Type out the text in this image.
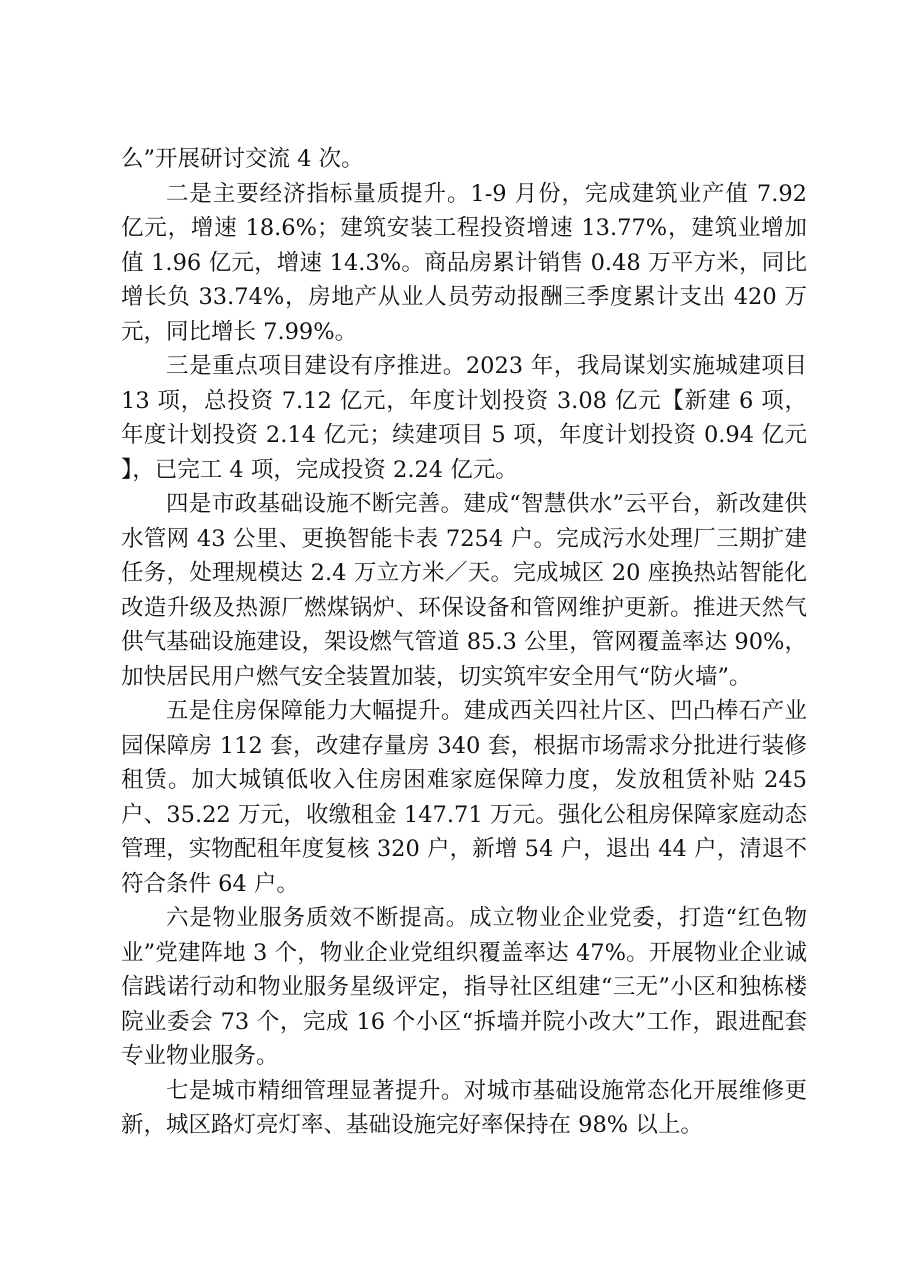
么”开展研讨交流 4 次。

二是主要经济指标量质提升。1-9 月份，完成建筑业产值 7.92 亿元，增速 18.6%；建筑安装工程投资增速 13.77%，建筑业增加值 1.96 亿元，增速 14.3%。商品房累计销售 0.48 万平方米，同比增长负 33.74%，房地产从业人员劳动报酬三季度累计支出 420 万元，同比增长 7.99%。

三是重点项目建设有序推进。2023 年，我局谋划实施城建项目 13 项，总投资 7.12 亿元，年度计划投资 3.08 亿元【新建 6 项，年度计划投资 2.14 亿元；续建项目 5 项，年度计划投资 0.94 亿元】，已完工 4 项，完成投资 2.24 亿元。

四是市政基础设施不断完善。建成“智慧供水”云平台，新改建供水管网 43 公里、更换智能卡表 7254 户。完成污水处理厂三期扩建任务，处理规模达 2.4 万立方米／天。完成城区 20 座换热站智能化改造升级及热源厂燃煤锅炉、环保设备和管网维护更新。推进天然气供气基础设施建设，架设燃气管道 85.3 公里，管网覆盖率达 90%，加快居民用户燃气安全装置加装，切实筑牢安全用气“防火墙”。

五是住房保障能力大幅提升。建成西关四社片区、凹凸棒石产业园保障房 112 套，改建存量房 340 套，根据市场需求分批进行装修租赁。加大城镇低收入住房困难家庭保障力度，发放租赁补贴 245 户、35.22 万元，收缴租金 147.71 万元。强化公租房保障家庭动态管理，实物配租年度复核 320 户，新增 54 户，退出 44 户，清退不符合条件 64 户。

六是物业服务质效不断提高。成立物业企业党委，打造“红色物业”党建阵地 3 个，物业企业党组织覆盖率达 47%。开展物业企业诚信践诺行动和物业服务星级评定，指导社区组建“三无”小区和独栋楼院业委会 73 个，完成 16 个小区“拆墙并院小改大”工作，跟进配套专业物业服务。

七是城市精细管理显著提升。对城市基础设施常态化开展维修更新，城区路灯亮灯率、基础设施完好率保持在 98% 以上。
